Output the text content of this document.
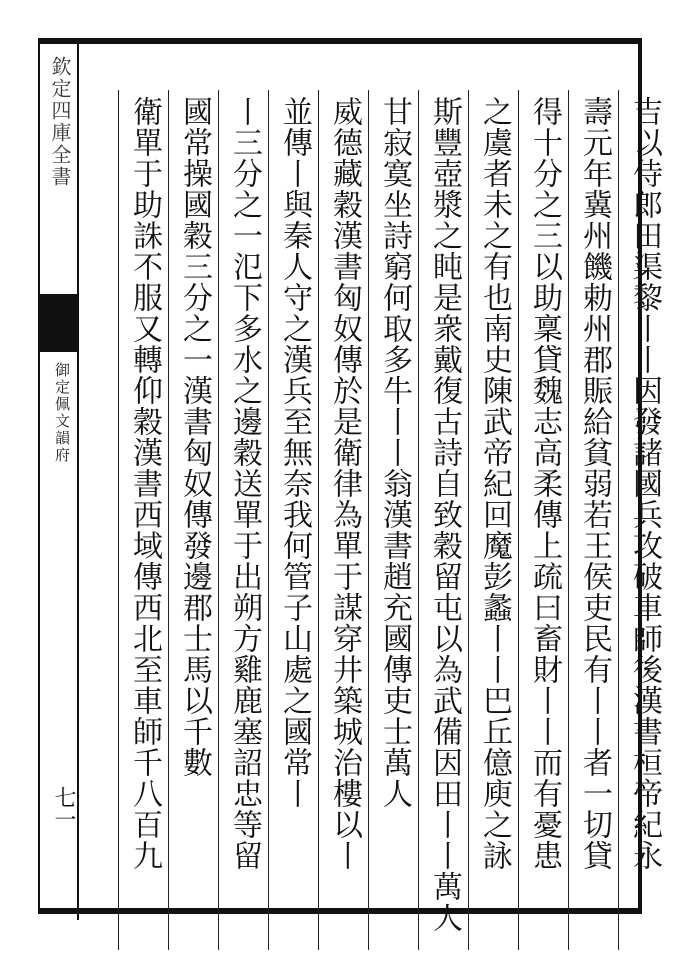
欽定四庫全書
御定佩文韻府
七一	吉以侍郎田渠黎丨丨因發諸國兵攻破車師後漢書桓帝紀永
壽元年冀州饑勅州郡賑給貧弱若王侯吏民有丨丨者一切貸
得十分之三以助稟貸魏志高柔傳上疏曰畜財丨丨而有憂患
之虞者未之有也南史陳武帝紀回魔彭蠡丨丨巴丘億庾之詠
斯豐壺漿之盹是衆戴復古詩自致穀留屯以為武備因田丨丨萬人
甘寂寞坐詩窮何取多牛丨丨翁漢書趙充國傳吏士萬人
威德藏穀漢書匈奴傳於是衛律為單于謀穿井築城治樓以丨
並傳丨與秦人守之漢兵至無奈我何管子山處之國常丨
丨三分之一氾下多水之邊穀送單于出朔方雞鹿塞詔忠等留
國常操國穀三分之一漢書匈奴傳發邊郡士馬以千數
衛單于助誅不服又轉仰穀漢書西域傳西北至車師千八百九
